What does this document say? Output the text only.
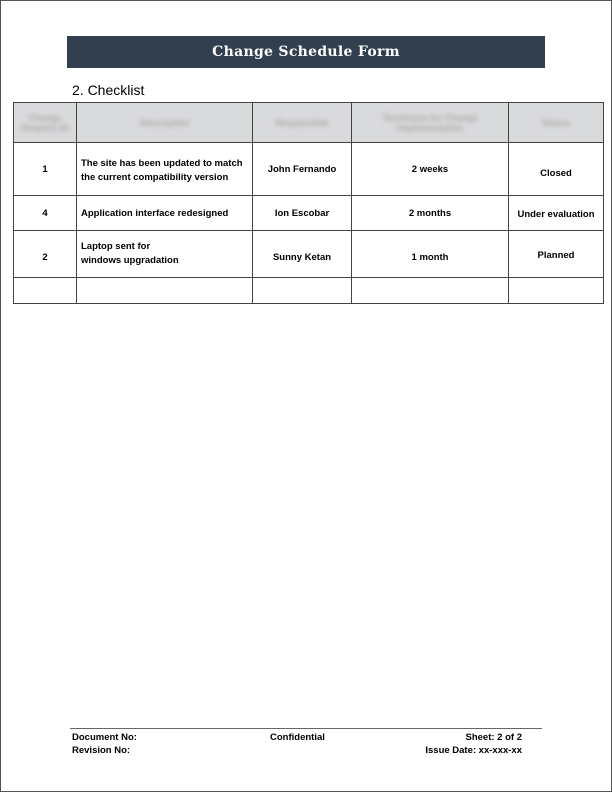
Change Schedule Form
2. Checklist
Change Request ID	Description	Responsible	Timeframe for Change Implementation	Status
1	The site has been updated to match the current compatibility version	John Fernando	2 weeks	Closed
4	Application interface redesigned	Ion Escobar	2 months	Under evaluation
2	Laptop sent for windows upgradation	Sunny Ketan	1 month	Planned

Document No:	Confidential	Sheet: 2 of 2
Revision No:	Issue Date: xx-xxx-xx
